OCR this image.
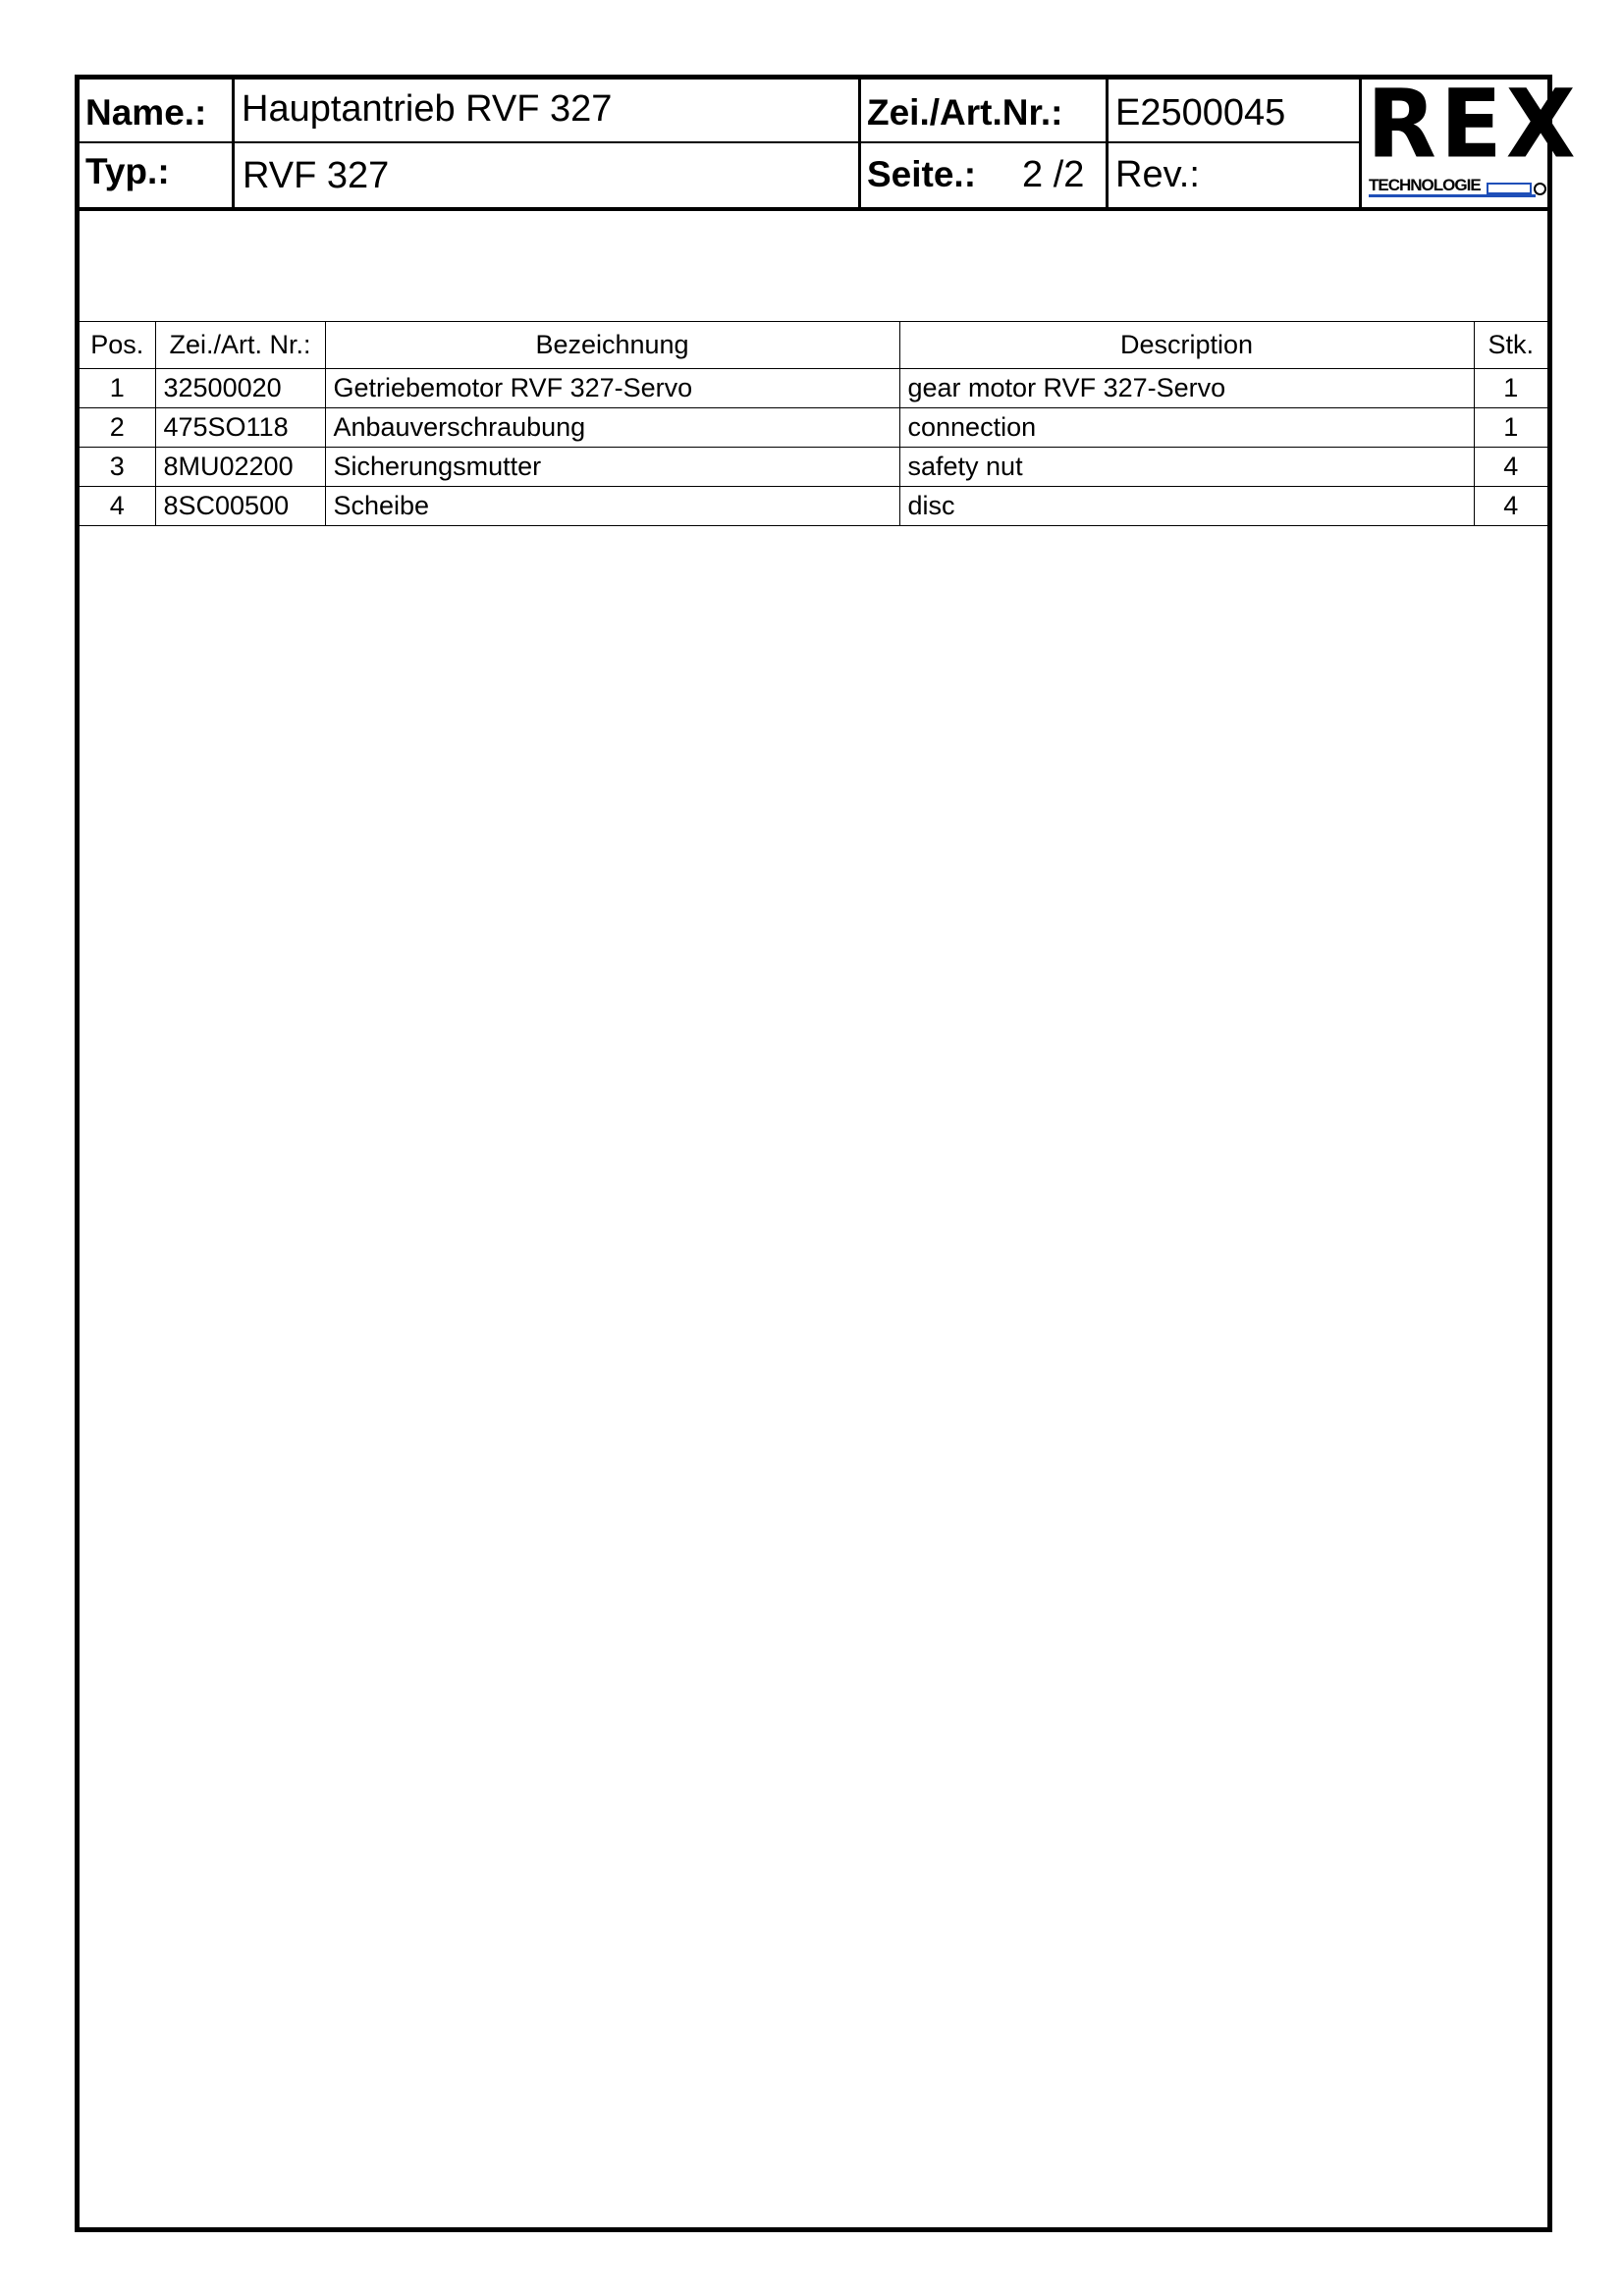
Name.: Hauptantrieb RVF 327
Typ.: RVF 327
Zei./Art.Nr.: E2500045
Seite.: 2 /2 Rev.: REX
TECHNOLOGIE
Pos.	Zei./Art. Nr.:	Bezeichnung	Description	Stk.
1	32500020	Getriebemotor RVF 327-Servo	gear motor RVF 327-Servo	1
2	475SO118	Anbauverschraubung	connection	1
3	8MU02200	Sicherungsmutter	safety nut	4
4	8SC00500	Scheibe	disc	4
